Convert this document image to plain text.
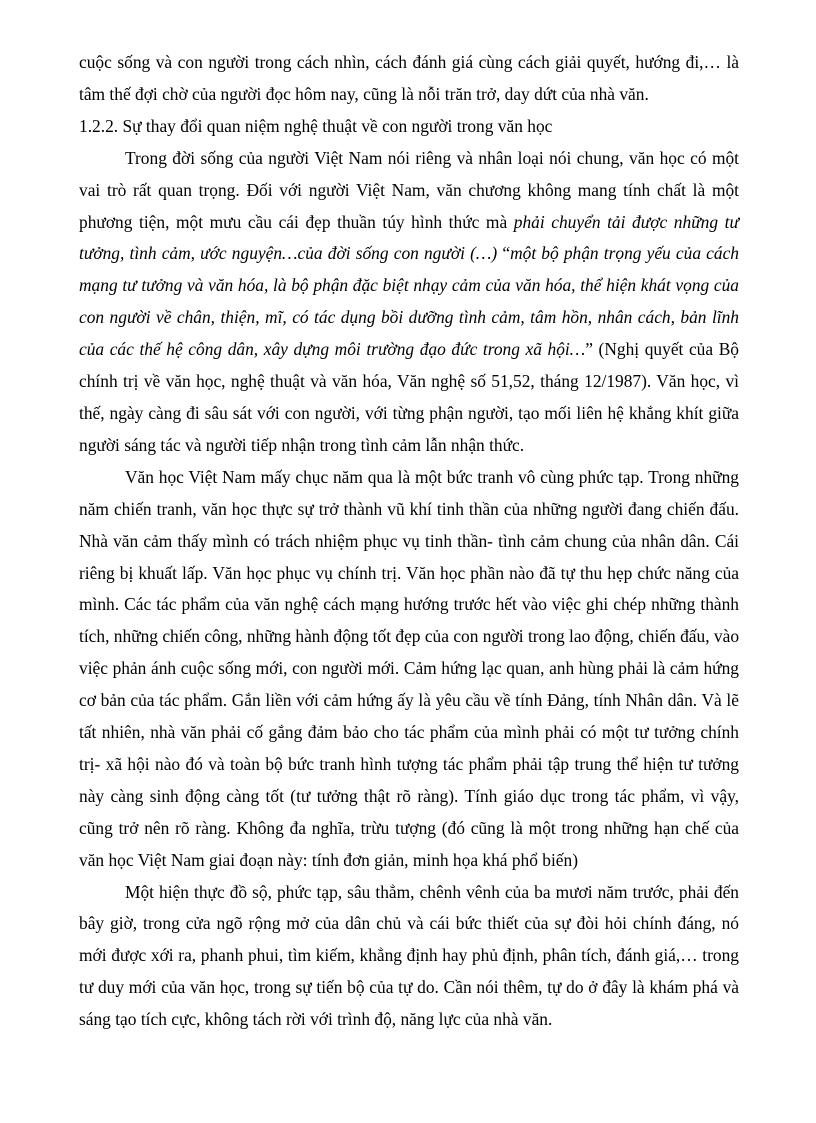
cuộc sống và con người trong cách nhìn, cách đánh giá cùng cách giải quyết, hướng đi,… là tâm thế đợi chờ của người đọc hôm nay, cũng là nỗi trăn trở, day dứt của nhà văn.

1.2.2. Sự thay đổi quan niệm nghệ thuật về con người trong văn học

Trong đời sống của người Việt Nam nói riêng và nhân loại nói chung, văn học có một vai trò rất quan trọng. Đối với người Việt Nam, văn chương không mang tính chất là một phương tiện, một mưu cầu cái đẹp thuần túy hình thức mà phải chuyển tải được những tư tưởng, tình cảm, ước nguyện…của đời sống con người (…) “một bộ phận trọng yếu của cách mạng tư tưởng và văn hóa, là bộ phận đặc biệt nhạy cảm của văn hóa, thể hiện khát vọng của con người về chân, thiện, mĩ, có tác dụng bồi dưỡng tình cảm, tâm hồn, nhân cách, bản lĩnh của các thế hệ công dân, xây dựng môi trường đạo đức trong xã hội…” (Nghị quyết của Bộ chính trị về văn học, nghệ thuật và văn hóa, Văn nghệ số 51,52, tháng 12/1987). Văn học, vì thế, ngày càng đi sâu sát với con người, với từng phận người, tạo mối liên hệ khắng khít giữa người sáng tác và người tiếp nhận trong tình cảm lẫn nhận thức.

Văn học Việt Nam mấy chục năm qua là một bức tranh vô cùng phức tạp. Trong những năm chiến tranh, văn học thực sự trở thành vũ khí tinh thần của những người đang chiến đấu. Nhà văn cảm thấy mình có trách nhiệm phục vụ tinh thần- tình cảm chung của nhân dân. Cái riêng bị khuất lấp. Văn học phục vụ chính trị. Văn học phần nào đã tự thu hẹp chức năng của mình. Các tác phẩm của văn nghệ cách mạng hướng trước hết vào việc ghi chép những thành tích, những chiến công, những hành động tốt đẹp của con người trong lao động, chiến đấu, vào việc phản ánh cuộc sống mới, con người mới. Cảm hứng lạc quan, anh hùng phải là cảm hứng cơ bản của tác phẩm. Gắn liền với cảm hứng ấy là yêu cầu về tính Đảng, tính Nhân dân. Và lẽ tất nhiên, nhà văn phải cố gắng đảm bảo cho tác phẩm của mình phải có một tư tưởng chính trị- xã hội nào đó và toàn bộ bức tranh hình tượng tác phẩm phải tập trung thể hiện tư tưởng này càng sinh động càng tốt (tư tưởng thật rõ ràng). Tính giáo dục trong tác phẩm, vì vậy, cũng trở nên rõ ràng. Không đa nghĩa, trừu tượng (đó cũng là một trong những hạn chế của văn học Việt Nam giai đoạn này: tính đơn giản, minh họa khá phổ biến)

Một hiện thực đồ sộ, phức tạp, sâu thẳm, chênh vênh của ba mươi năm trước, phải đến bây giờ, trong cửa ngõ rộng mở của dân chủ và cái bức thiết của sự đòi hỏi chính đáng, nó mới được xới ra, phanh phui, tìm kiếm, khẳng định hay phủ định, phân tích, đánh giá,… trong tư duy mới của văn học, trong sự tiến bộ của tự do. Cần nói thêm, tự do ở đây là khám phá và sáng tạo tích cực, không tách rời với trình độ, năng lực của nhà văn.
